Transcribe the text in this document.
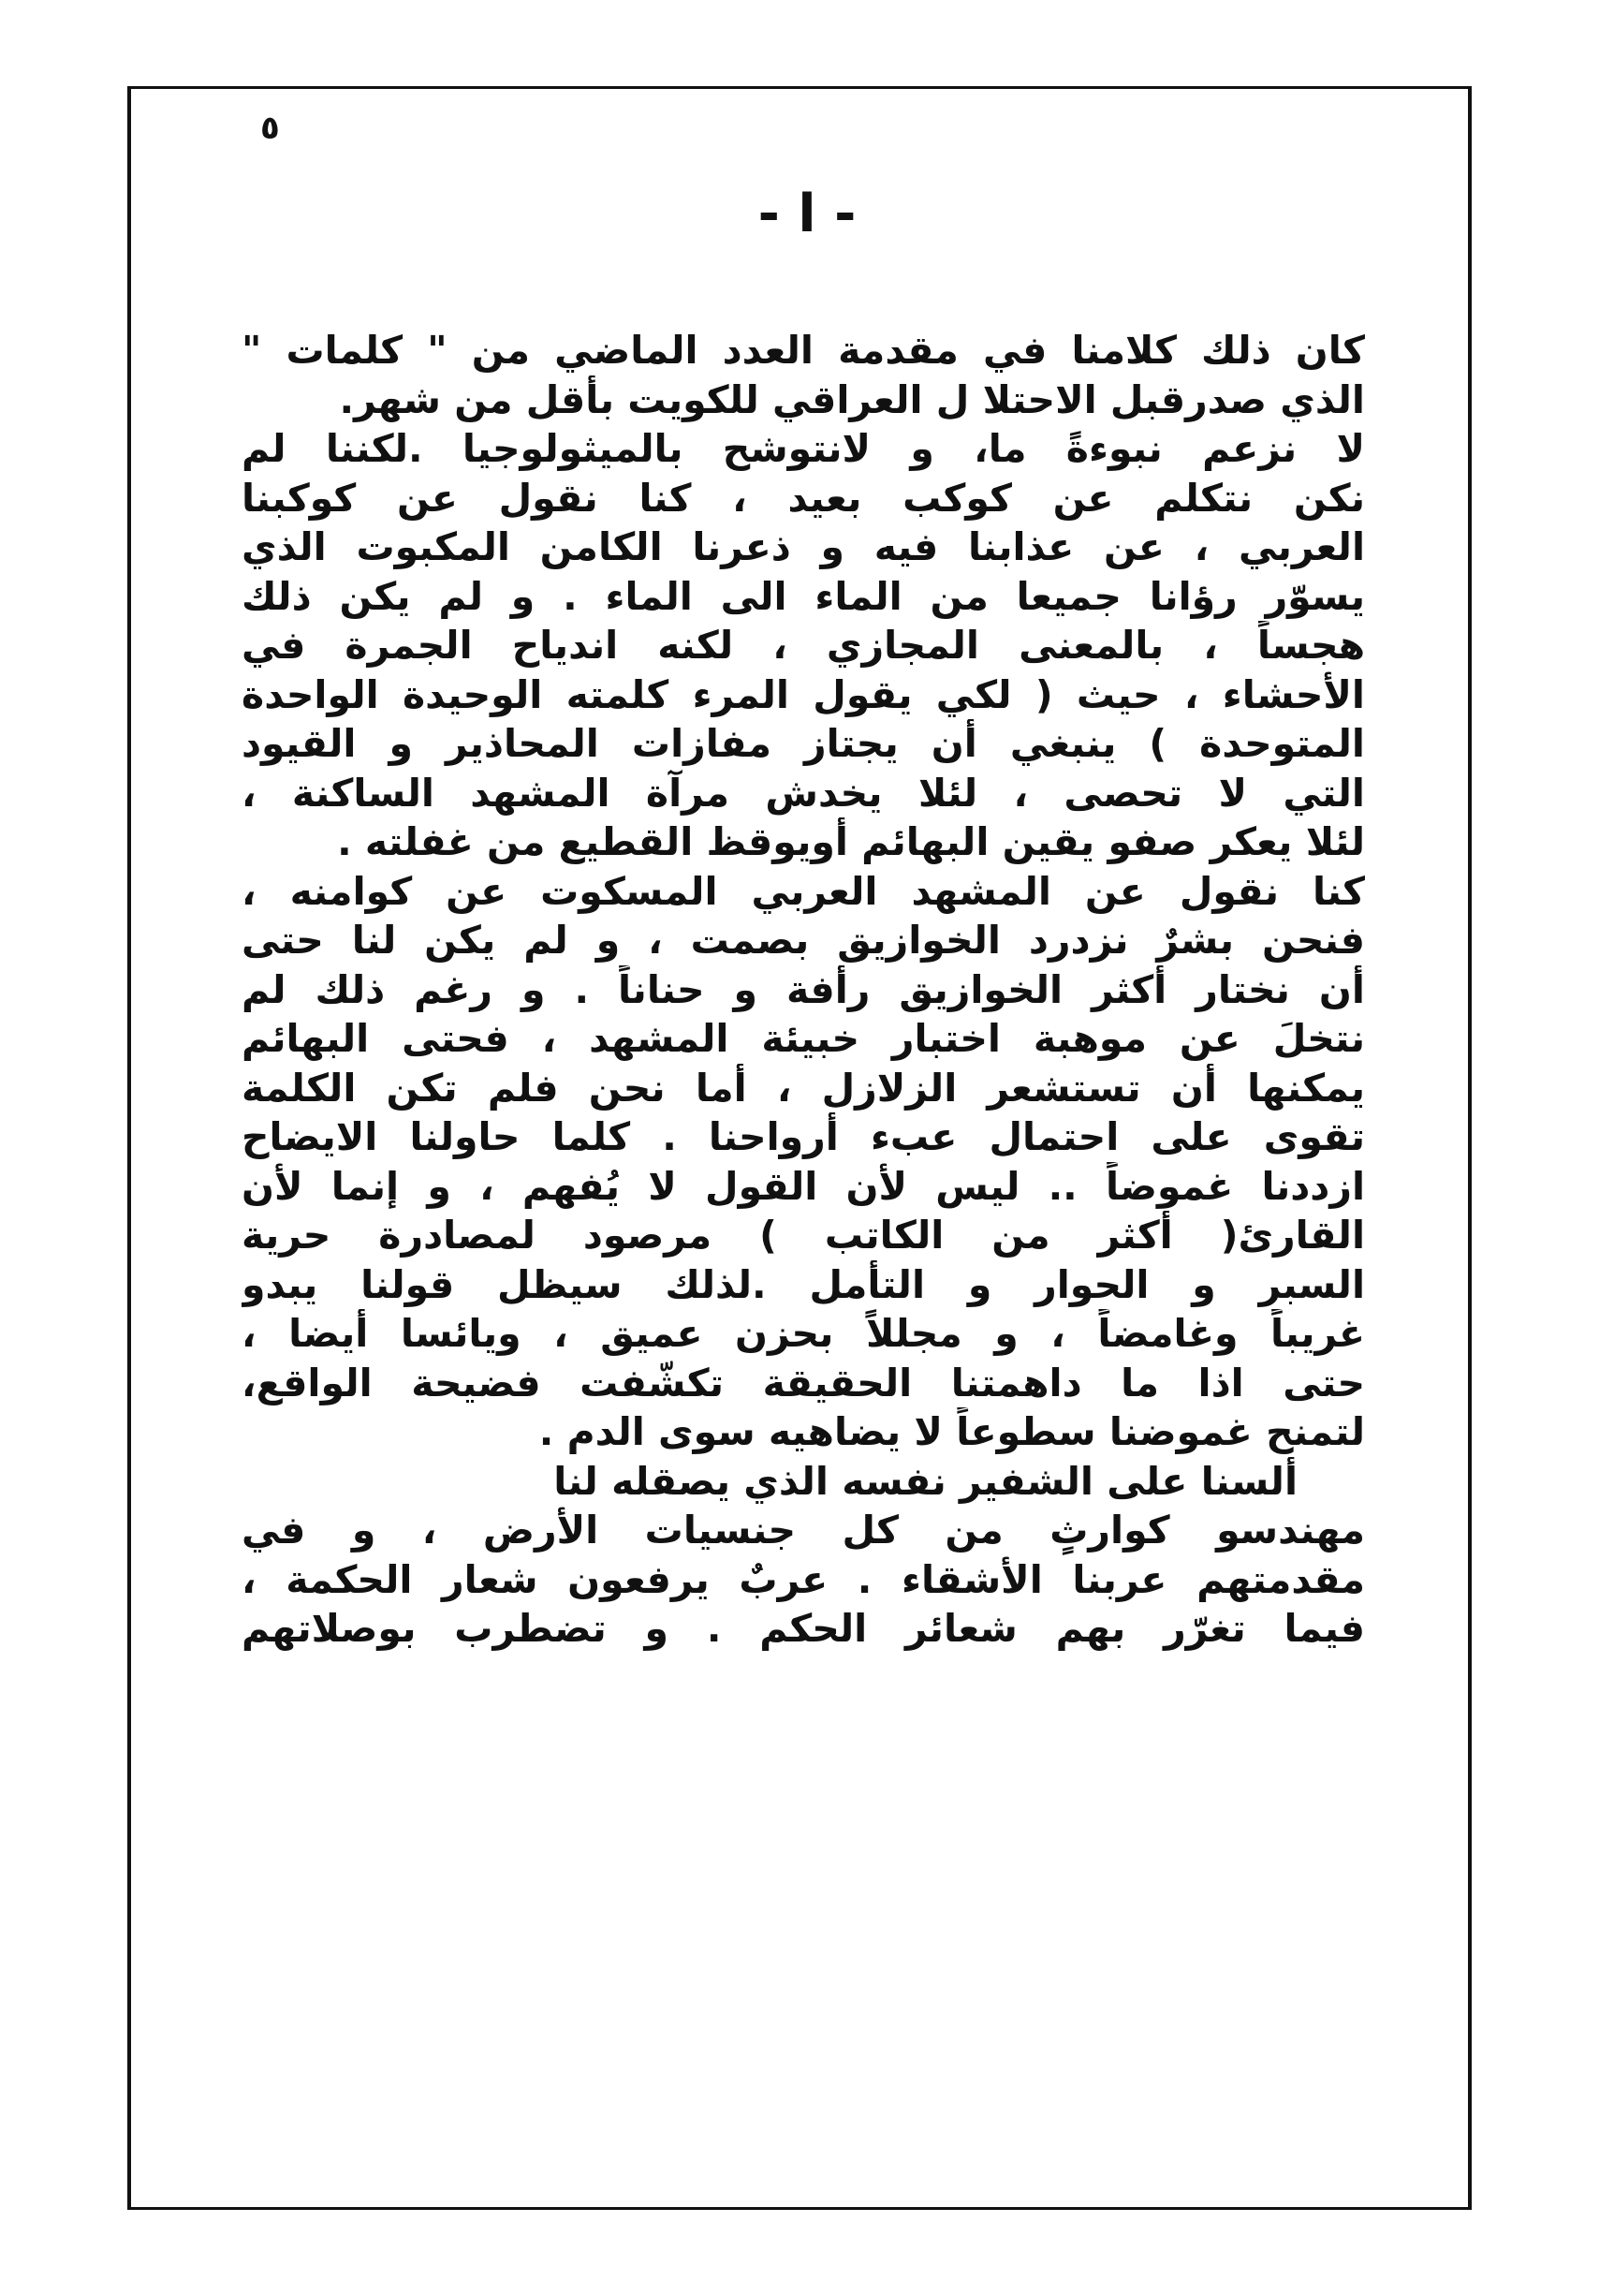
٥
- ا -
كان ذلك كلامنا في مقدمة العدد الماضي من " كلمات "
الذي صدرقبل الاحتلا ل العراقي للكويت بأقل من شهر.
لا نزعم نبوءةً ما، و لانتوشح بالميثولوجيا .لكننا لم
نكن نتكلم عن كوكب بعيد ، كنا نقول عن كوكبنا
العربي ، عن عذابنا فيه و ذعرنا الكامن المكبوت الذي
يسوّر رؤانا جميعا من الماء الى الماء . و لم يكن ذلك
هجساً ، بالمعنى المجازي ، لكنه اندياح الجمرة في
الأحشاء ، حيث ( لكي يقول المرء كلمته الوحيدة الواحدة
المتوحدة ) ينبغي أن يجتاز مفازات المحاذير و القيود
التي لا تحصى ، لئلا يخدش مرآة المشهد الساكنة ،
لئلا يعكر صفو يقين البهائم أويوقظ القطيع من غفلته .
كنا نقول عن المشهد العربي المسكوت عن كوامنه ،
فنحن بشرٌ نزدرد الخوازيق بصمت ، و لم يكن لنا حتى
أن نختار أكثر الخوازيق رأفة و حناناً . و رغم ذلك لم
نتخلَ عن موهبة اختبار خبيئة المشهد ، فحتى البهائم
يمكنها أن تستشعر الزلازل ، أما نحن فلم تكن الكلمة
تقوى على احتمال عبء أرواحنا . كلما حاولنا الايضاح
ازددنا غموضاً .. ليس لأن القول لا يُفهم ، و إنما لأن
القارئ( أكثر من الكاتب ) مرصود لمصادرة حرية
السبر و الحوار و التأمل .لذلك سيظل قولنا يبدو
غريباً وغامضاً ، و مجللاً بحزن عميق ، ويائسا أيضا ،
حتى اذا ما داهمتنا الحقيقة تكشّفت فضيحة الواقع،
لتمنح غموضنا سطوعاً لا يضاهيه سوى الدم .
ألسنا على الشفير نفسه الذي يصقله لنا
مهندسو كوارثٍ من كل جنسيات الأرض ، و في
مقدمتهم عربنا الأشقاء . عربٌ يرفعون شعار الحكمة ،
فيما تغرّر بهم شعائر الحكم . و تضطرب بوصلاتهم
